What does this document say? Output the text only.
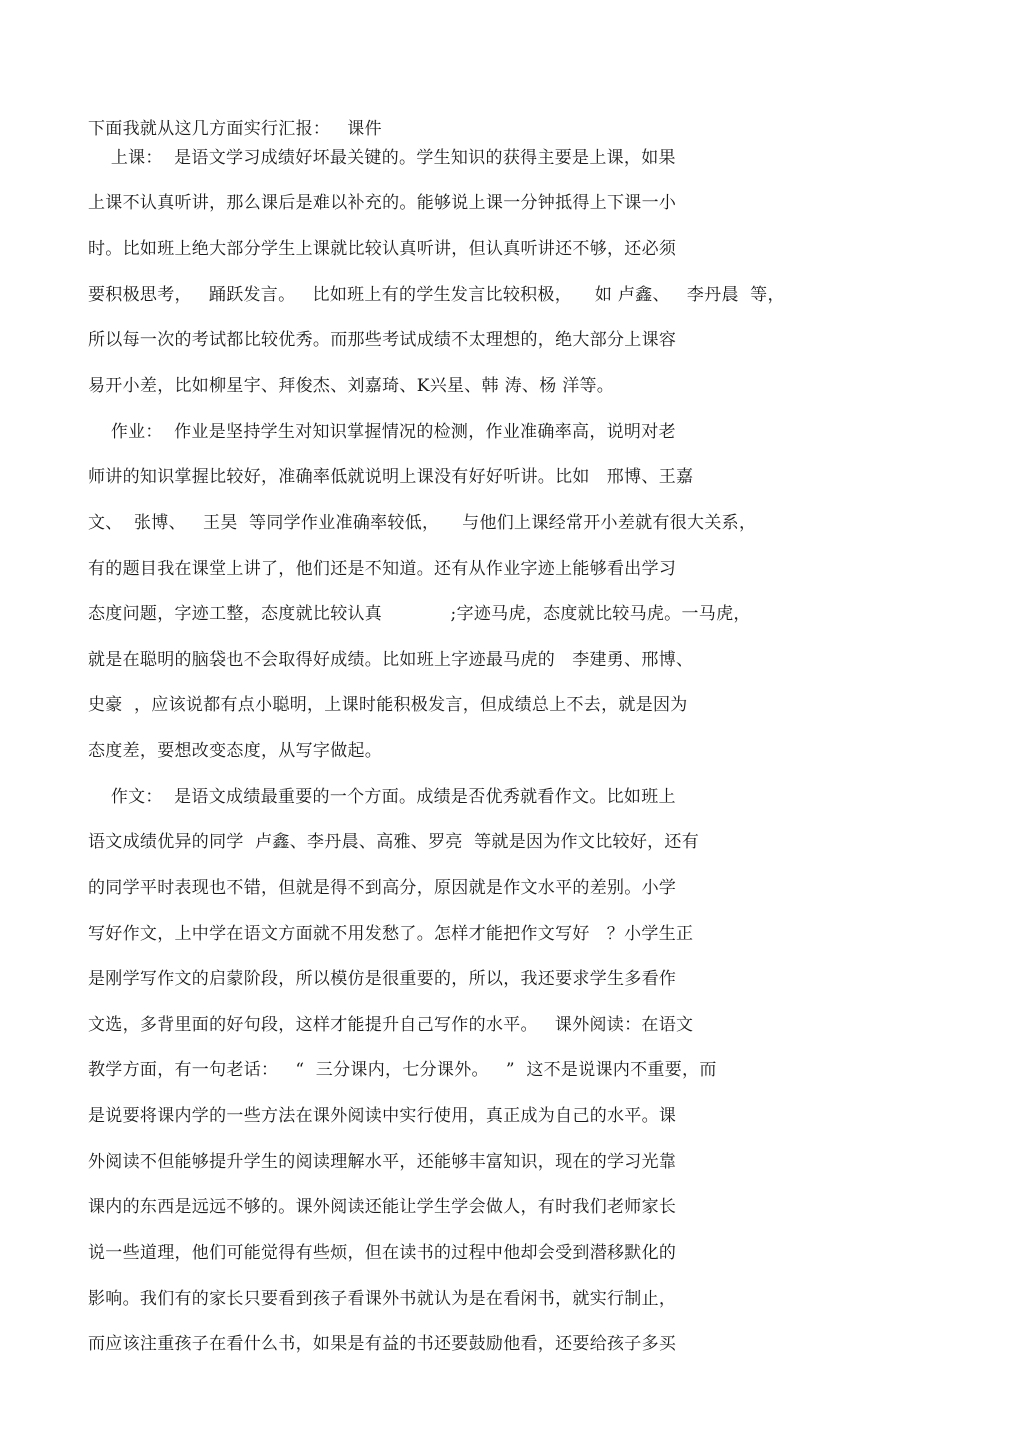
下面我就从这几方面实行汇报：   课件
上课：  是语文学习成绩好坏最关键的。学生知识的获得主要是上课，如果
上课不认真听讲，那么课后是难以补充的。能够说上课一分钟抵得上下课一小
时。比如班上绝大部分学生上课就比较认真听讲，但认真听讲还不够，还必须
要积极思考，   踊跃发言。   比如班上有的学生发言比较积极，    如 卢鑫、   李丹晨  等，
所以每一次的考试都比较优秀。而那些考试成绩不太理想的，绝大部分上课容
易开小差，比如柳星宇、拜俊杰、刘嘉琦、K兴星、韩 涛、杨 洋等。
作业：  作业是坚持学生对知识掌握情况的检测，作业准确率高，说明对老
师讲的知识掌握比较好，准确率低就说明上课没有好好听讲。比如   邢博、王嘉
文、  张博、   王昊  等同学作业准确率较低，    与他们上课经常开小差就有很大关系，
有的题目我在课堂上讲了，他们还是不知道。还有从作业字迹上能够看出学习
态度问题，字迹工整，态度就比较认真            ;字迹马虎，态度就比较马虎。一马虎，
就是在聪明的脑袋也不会取得好成绩。比如班上字迹最马虎的   李建勇、邢博、
史豪  ，应该说都有点小聪明，上课时能积极发言，但成绩总上不去，就是因为
态度差，要想改变态度，从写字做起。
作文：  是语文成绩最重要的一个方面。成绩是否优秀就看作文。比如班上
语文成绩优异的同学  卢鑫、李丹晨、高雅、罗亮  等就是因为作文比较好，还有
的同学平时表现也不错，但就是得不到高分，原因就是作文水平的差别。小学
写好作文，上中学在语文方面就不用发愁了。怎样才能把作文写好   ？小学生正
是刚学写作文的启蒙阶段，所以模仿是很重要的，所以，我还要求学生多看作
文选，多背里面的好句段，这样才能提升自己写作的水平。   课外阅读：在语文
教学方面，有一句老话：   “  三分课内，七分课外。   ”  这不是说课内不重要，而
是说要将课内学的一些方法在课外阅读中实行使用，真正成为自己的水平。课
外阅读不但能够提升学生的阅读理解水平，还能够丰富知识，现在的学习光靠
课内的东西是远远不够的。课外阅读还能让学生学会做人，有时我们老师家长
说一些道理，他们可能觉得有些烦，但在读书的过程中他却会受到潜移默化的
影响。我们有的家长只要看到孩子看课外书就认为是在看闲书，就实行制止，
而应该注重孩子在看什么书，如果是有益的书还要鼓励他看，还要给孩子多买
